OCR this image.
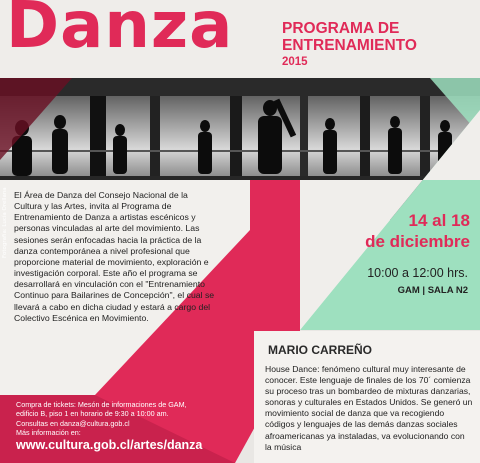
Danza	PROGRAMA DE
ENTRENAMIENTO
2015
Fotografía: Lucía Orellana El Área de Danza del Consejo Nacional de la Cultura y las Artes, invita al Programa de Entrenamiento de Danza a artistas escénicos y personas vinculadas al arte del movimiento. Las sesiones serán enfocadas hacia la práctica de la danza contemporánea a nivel profesional que proporcione material de movimiento, exploración e investigación corporal. Este año el programa se desarrollará en vinculación con el "Entrenamiento Continuo para Bailarines de Concepción", el cual se llevará a cabo en dicha ciudad y estará a cargo del Colectivo Escénica en Movimiento.
14 al 18
de diciembre
10:00 a 12:00 hrs.
GAM | SALA N2
MARIO CARREÑO
House Dance: fenómeno cultural muy interesante de conocer. Este lenguaje de finales de los 70´ comienza su proceso tras un bombardeo de mixturas danzarias, sonoras y culturales en Estados Unidos. Se generó un movimiento social de danza que va recogiendo códigos y lenguajes de las demás danzas sociales afroamericanas ya instaladas, va evolucionando con la música
Compra de tickets: Mesón de informaciones de GAM,
edificio B, piso 1 en horario de 9:30 a 10:00 am.
Consultas en danza@cultura.gob.cl
Más información en:
www.cultura.gob.cl/artes/danza
